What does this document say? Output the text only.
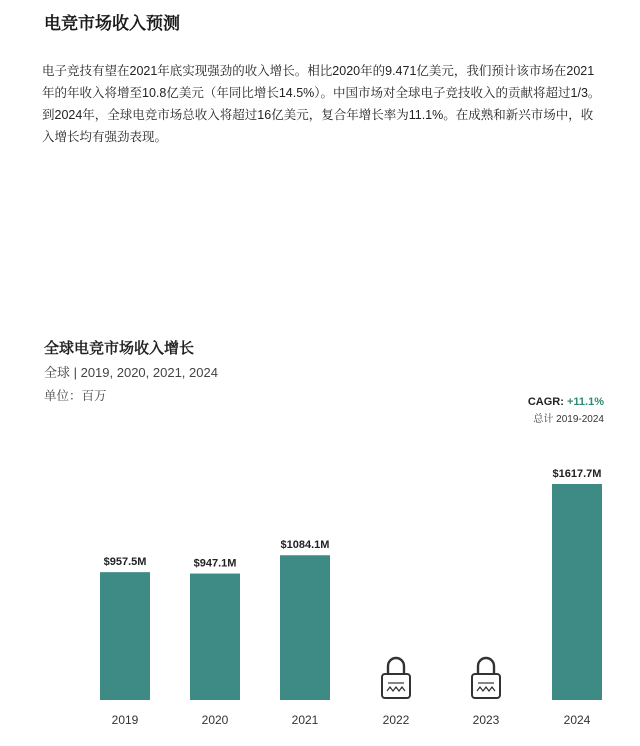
电竞市场收入预测
电子竞技有望在2021年底实现强劲的收入增长。相比2020年的9.471亿美元，我们预计该市场在2021年的年收入将增至10.8亿美元（年同比增长14.5%）。中国市场对全球电子竞技收入的贡献将超过1/3。到2024年，全球电竞市场总收入将超过16亿美元，复合年增长率为11.1%。在成熟和新兴市场中，收入增长均有强劲表现。
全球电竞市场收入增长
全球 | 2019, 2020, 2021, 2024
单位：百万	CAGR: +11.1%
总计 2019-2024
$957.5M
2019
$947.1M
2020
$1084.1M
2021	2022	2023
$1617.7M
2024
